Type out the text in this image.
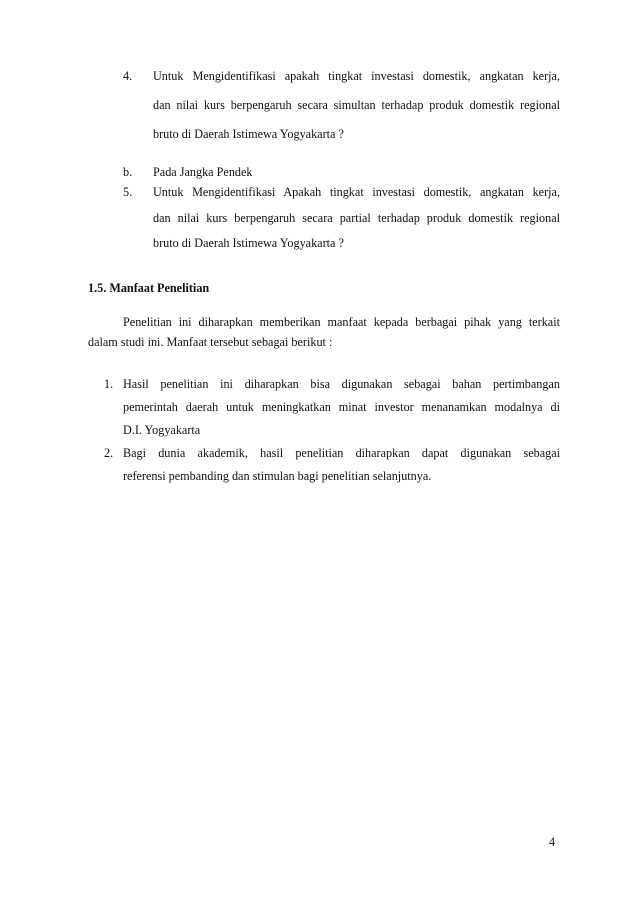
4. Untuk Mengidentifikasi apakah tingkat investasi domestik, angkatan kerja,
dan nilai kurs berpengaruh secara simultan terhadap produk domestik regional
bruto di Daerah Istimewa Yogyakarta ?
b. Pada Jangka Pendek
5. Untuk Mengidentifikasi Apakah tingkat investasi domestik, angkatan kerja,
dan nilai kurs berpengaruh secara partial terhadap produk domestik regional
bruto di Daerah Istimewa Yogyakarta ?
1.5. Manfaat Penelitian
Penelitian ini diharapkan memberikan manfaat kepada berbagai pihak yang terkait
dalam studi ini. Manfaat tersebut sebagai berikut :
1. Hasil penelitian ini diharapkan bisa digunakan sebagai bahan pertimbangan
pemerintah daerah untuk meningkatkan minat investor menanamkan modalnya di
D.I. Yogyakarta
2. Bagi dunia akademik, hasil penelitian diharapkan dapat digunakan sebagai
referensi pembanding dan stimulan bagi penelitian selanjutnya.
4
